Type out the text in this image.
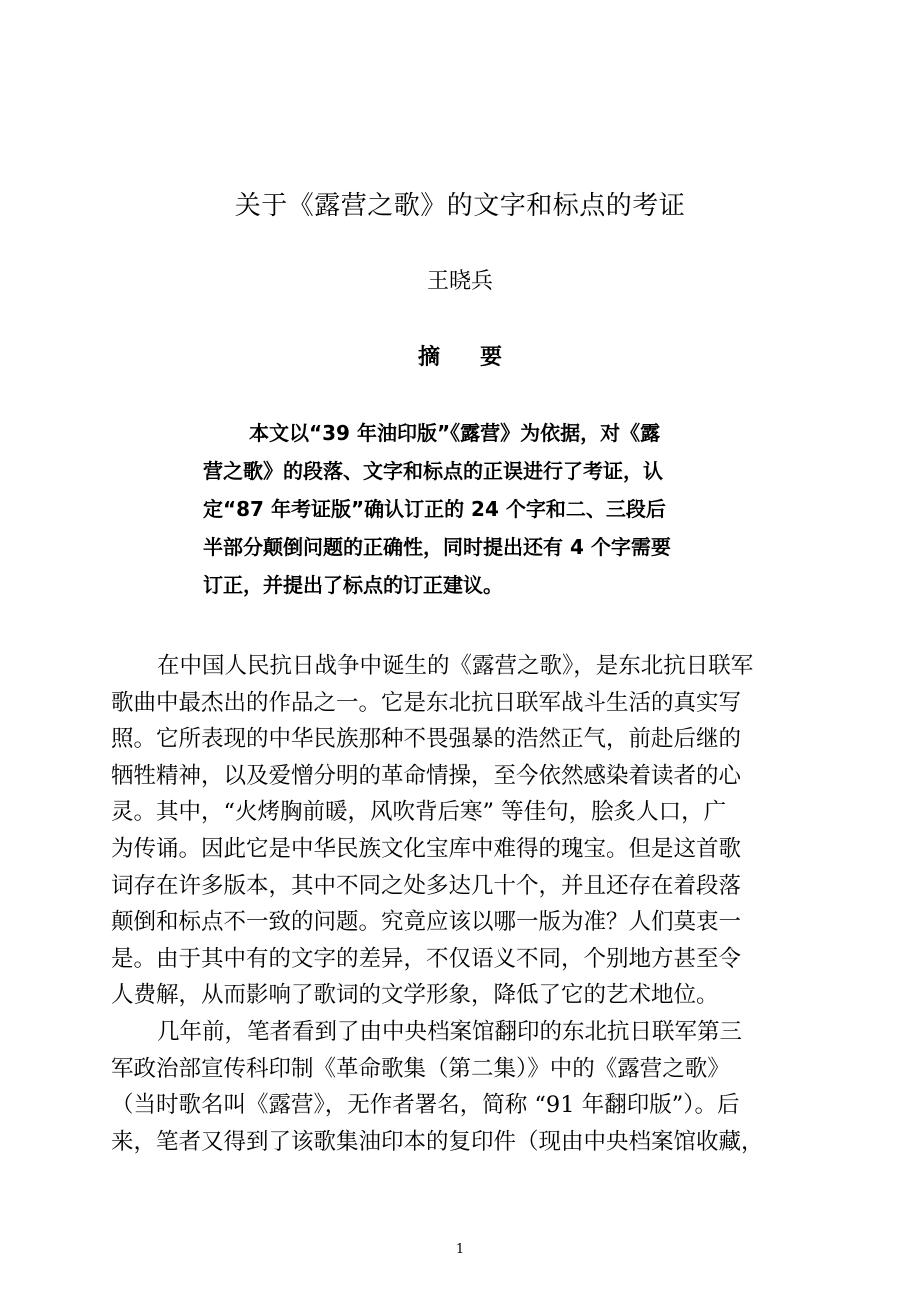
关于《露营之歌》的文字和标点的考证
王晓兵
摘要
本文以“39 年油印版”《露营》为依据，对《露
营之歌》的段落、文字和标点的正误进行了考证，认
定“87 年考证版”确认订正的 24 个字和二、三段后
半部分颠倒问题的正确性，同时提出还有 4 个字需要
订正，并提出了标点的订正建议。
在中国人民抗日战争中诞生的《露营之歌》，是东北抗日联军
歌曲中最杰出的作品之一。它是东北抗日联军战斗生活的真实写
照。它所表现的中华民族那种不畏强暴的浩然正气，前赴后继的
牺牲精神，以及爱憎分明的革命情操，至今依然感染着读者的心
灵。其中，“火烤胸前暖，风吹背后寒” 等佳句，脍炙人口，广
为传诵。因此它是中华民族文化宝库中难得的瑰宝。但是这首歌
词存在许多版本，其中不同之处多达几十个，并且还存在着段落
颠倒和标点不一致的问题。究竟应该以哪一版为准？人们莫衷一
是。由于其中有的文字的差异，不仅语义不同，个别地方甚至令
人费解，从而影响了歌词的文学形象，降低了它的艺术地位。
几年前，笔者看到了由中央档案馆翻印的东北抗日联军第三
军政治部宣传科印制《革命歌集（第二集）》中的《露营之歌》
（当时歌名叫《露营》，无作者署名，简称 “91 年翻印版”）。后
来，笔者又得到了该歌集油印本的复印件（现由中央档案馆收藏，
1
